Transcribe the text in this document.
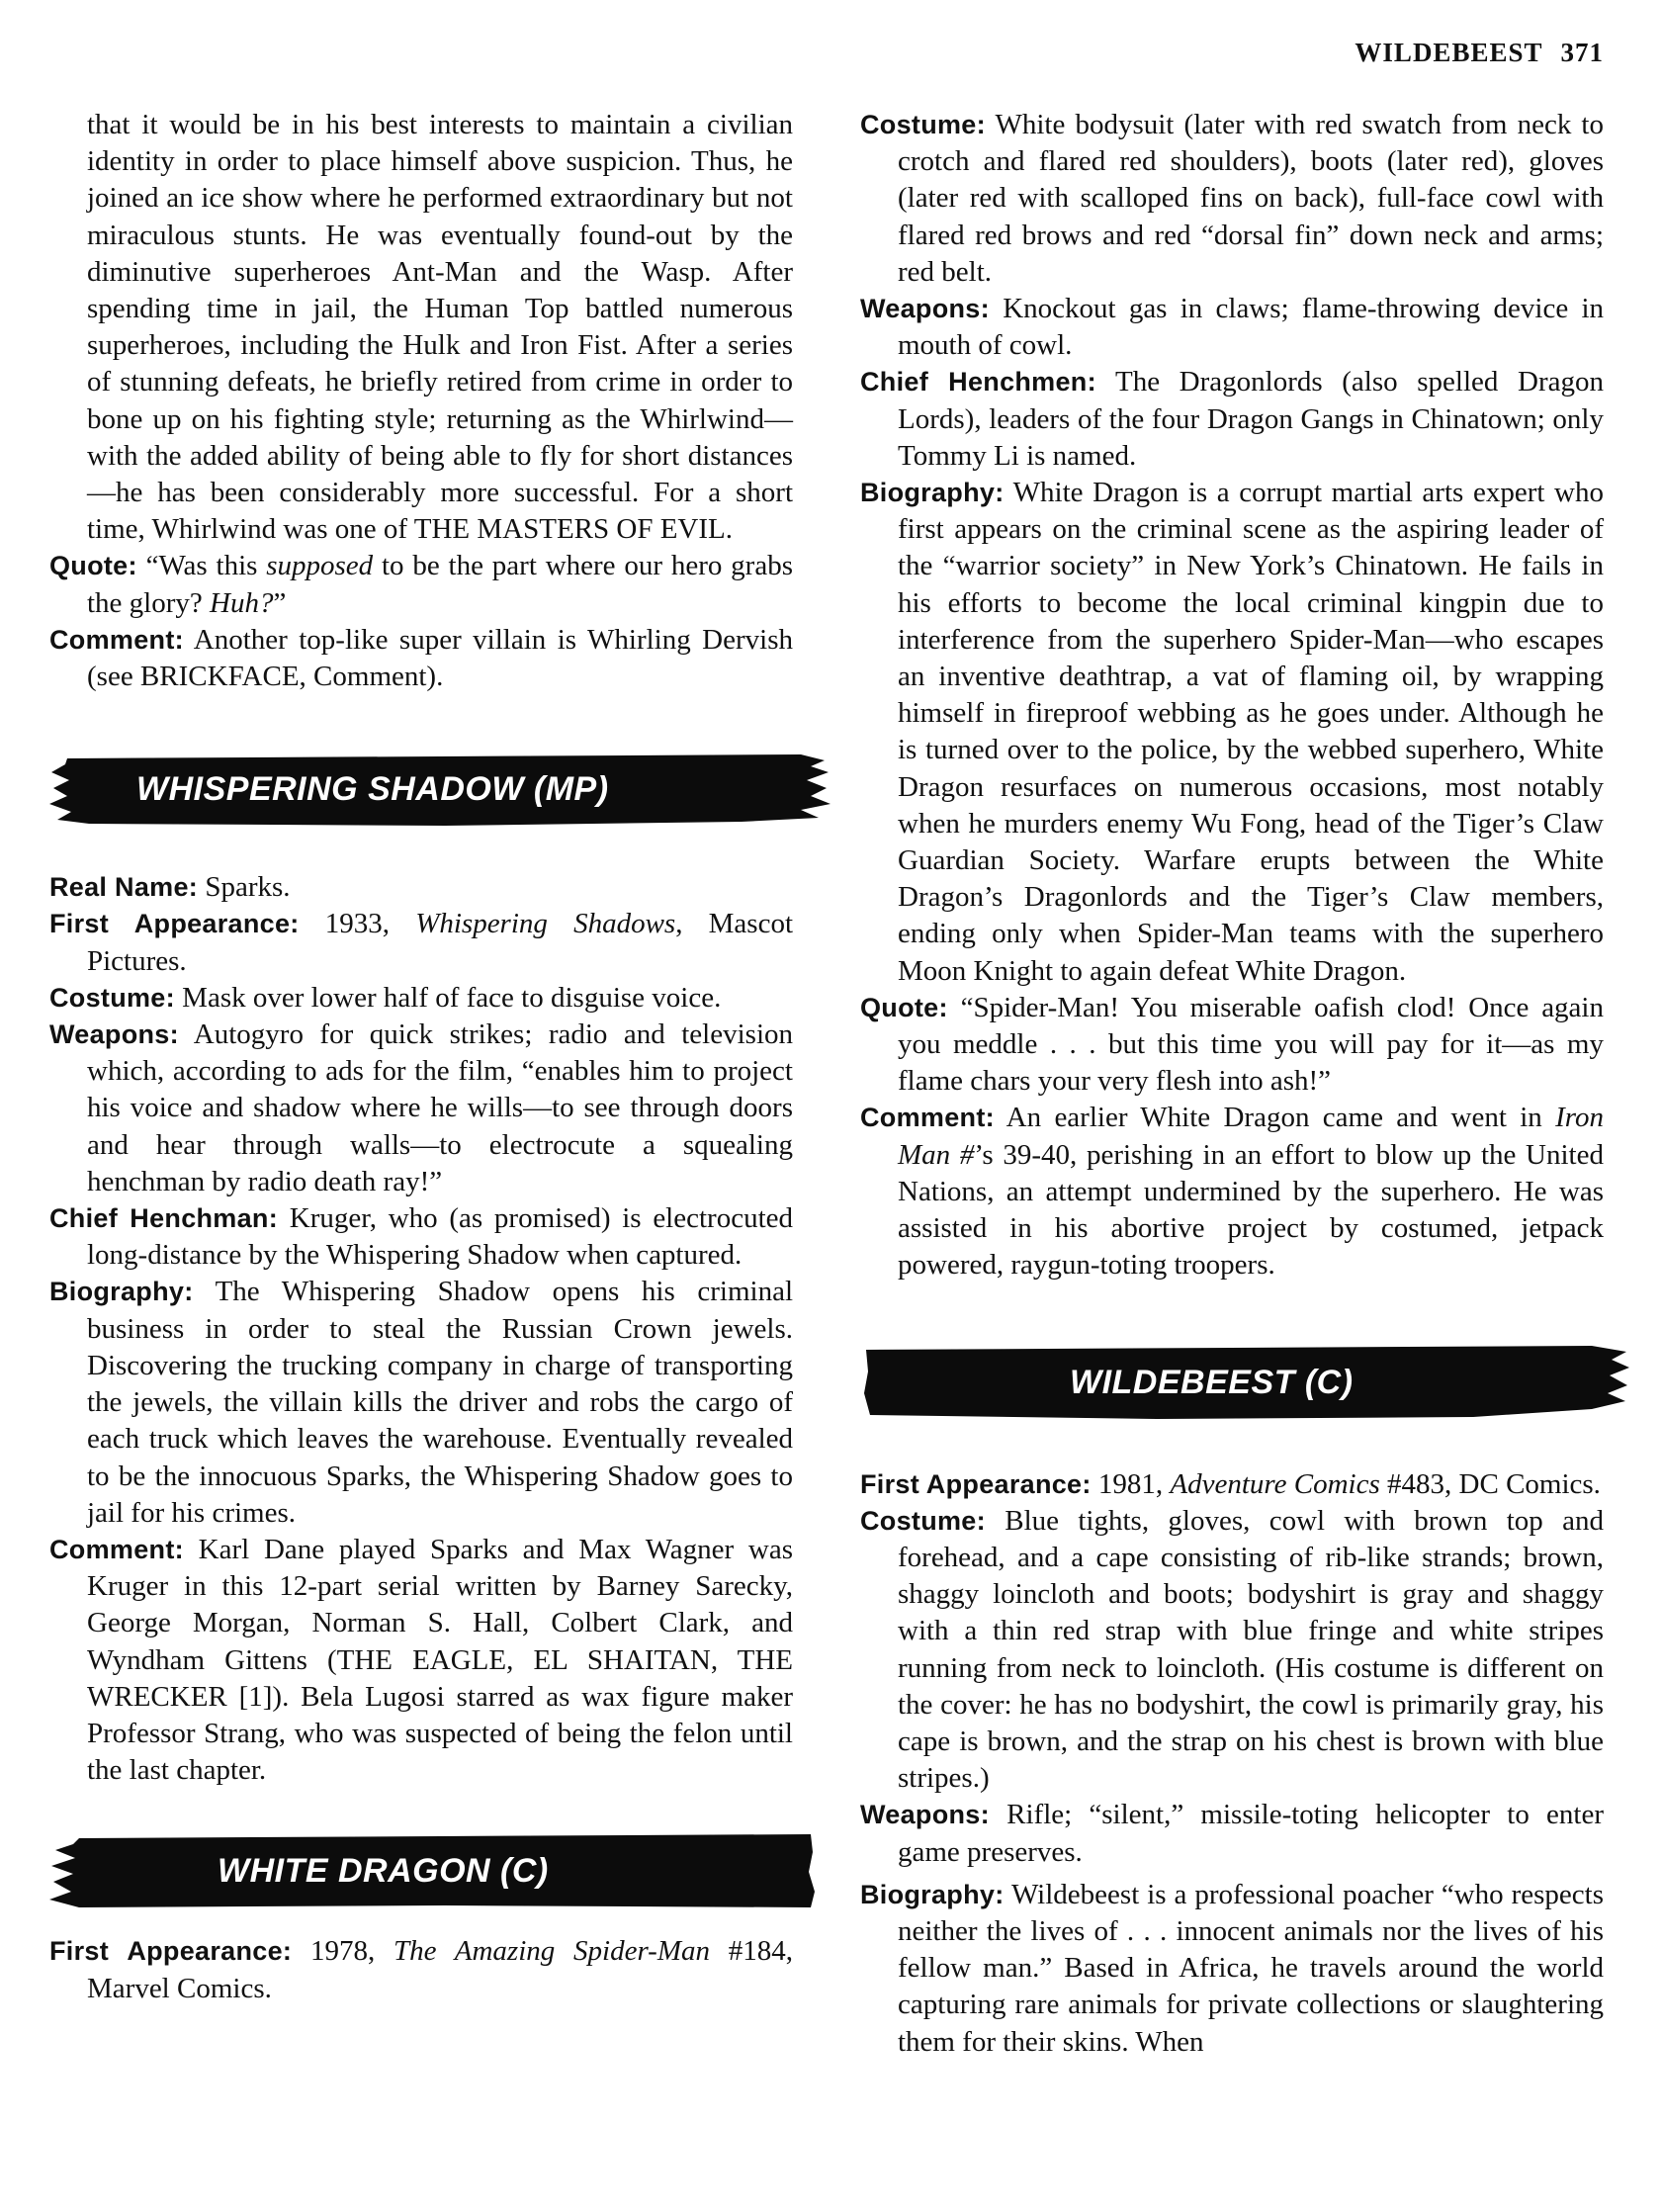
WILDEBEEST 371

that it would be in his best interests to maintain a civilian identity in order to place himself above suspicion. Thus, he joined an ice show where he performed extraordinary but not miraculous stunts. He was eventually found-out by the diminutive superheroes Ant-Man and the Wasp. After spending time in jail, the Human Top battled numerous superheroes, including the Hulk and Iron Fist. After a series of stunning defeats, he briefly retired from crime in order to bone up on his fighting style; returning as the Whirlwind—with the added ability of being able to fly for short distances—he has been considerably more successful. For a short time, Whirlwind was one of THE MASTERS OF EVIL.

Quote: “Was this supposed to be the part where our hero grabs the glory? Huh?”

Comment: Another top-like super villain is Whirling Dervish (see BRICKFACE, Comment).

WHISPERING SHADOW (MP)

Real Name: Sparks.

First Appearance: 1933, Whispering Shadows, Mascot Pictures.

Costume: Mask over lower half of face to disguise voice.

Weapons: Autogyro for quick strikes; radio and television which, according to ads for the film, “enables him to project his voice and shadow where he wills—to see through doors and hear through walls—to electrocute a squealing henchman by radio death ray!”

Chief Henchman: Kruger, who (as promised) is electrocuted long-distance by the Whispering Shadow when captured.

Biography: The Whispering Shadow opens his criminal business in order to steal the Russian Crown jewels. Discovering the trucking company in charge of transporting the jewels, the villain kills the driver and robs the cargo of each truck which leaves the warehouse. Eventually revealed to be the innocuous Sparks, the Whispering Shadow goes to jail for his crimes.

Comment: Karl Dane played Sparks and Max Wagner was Kruger in this 12-part serial written by Barney Sarecky, George Morgan, Norman S. Hall, Colbert Clark, and Wyndham Gittens (THE EAGLE, EL SHAITAN, THE WRECKER [1]). Bela Lugosi starred as wax figure maker Professor Strang, who was suspected of being the felon until the last chapter.

WHITE DRAGON (C)

First Appearance: 1978, The Amazing Spider-Man #184, Marvel Comics.

Costume: White bodysuit (later with red swatch from neck to crotch and flared red shoulders), boots (later red), gloves (later red with scalloped fins on back), full-face cowl with flared red brows and red “dorsal fin” down neck and arms; red belt.

Weapons: Knockout gas in claws; flame-throwing device in mouth of cowl.

Chief Henchmen: The Dragonlords (also spelled Dragon Lords), leaders of the four Dragon Gangs in Chinatown; only Tommy Li is named.

Biography: White Dragon is a corrupt martial arts expert who first appears on the criminal scene as the aspiring leader of the “warrior society” in New York’s Chinatown. He fails in his efforts to become the local criminal kingpin due to interference from the superhero Spider-Man—who escapes an inventive deathtrap, a vat of flaming oil, by wrapping himself in fireproof webbing as he goes under. Although he is turned over to the police, by the webbed superhero, White Dragon resurfaces on numerous occasions, most notably when he murders enemy Wu Fong, head of the Tiger’s Claw Guardian Society. Warfare erupts between the White Dragon’s Dragonlords and the Tiger’s Claw members, ending only when Spider-Man teams with the superhero Moon Knight to again defeat White Dragon.

Quote: “Spider-Man! You miserable oafish clod! Once again you meddle . . . but this time you will pay for it—as my flame chars your very flesh into ash!”

Comment: An earlier White Dragon came and went in Iron Man #’s 39-40, perishing in an effort to blow up the United Nations, an attempt undermined by the superhero. He was assisted in his abortive project by costumed, jetpack powered, raygun-toting troopers.

WILDEBEEST (C)

First Appearance: 1981, Adventure Comics #483, DC Comics.

Costume: Blue tights, gloves, cowl with brown top and forehead, and a cape consisting of rib-like strands; brown, shaggy loincloth and boots; bodyshirt is gray and shaggy with a thin red strap with blue fringe and white stripes running from neck to loincloth. (His costume is different on the cover: he has no bodyshirt, the cowl is primarily gray, his cape is brown, and the strap on his chest is brown with blue stripes.)

Weapons: Rifle; “silent,” missile-toting helicopter to enter game preserves.

Biography: Wildebeest is a professional poacher “who respects neither the lives of . . . innocent animals nor the lives of his fellow man.” Based in Africa, he travels around the world capturing rare animals for private collections or slaughtering them for their skins. When
